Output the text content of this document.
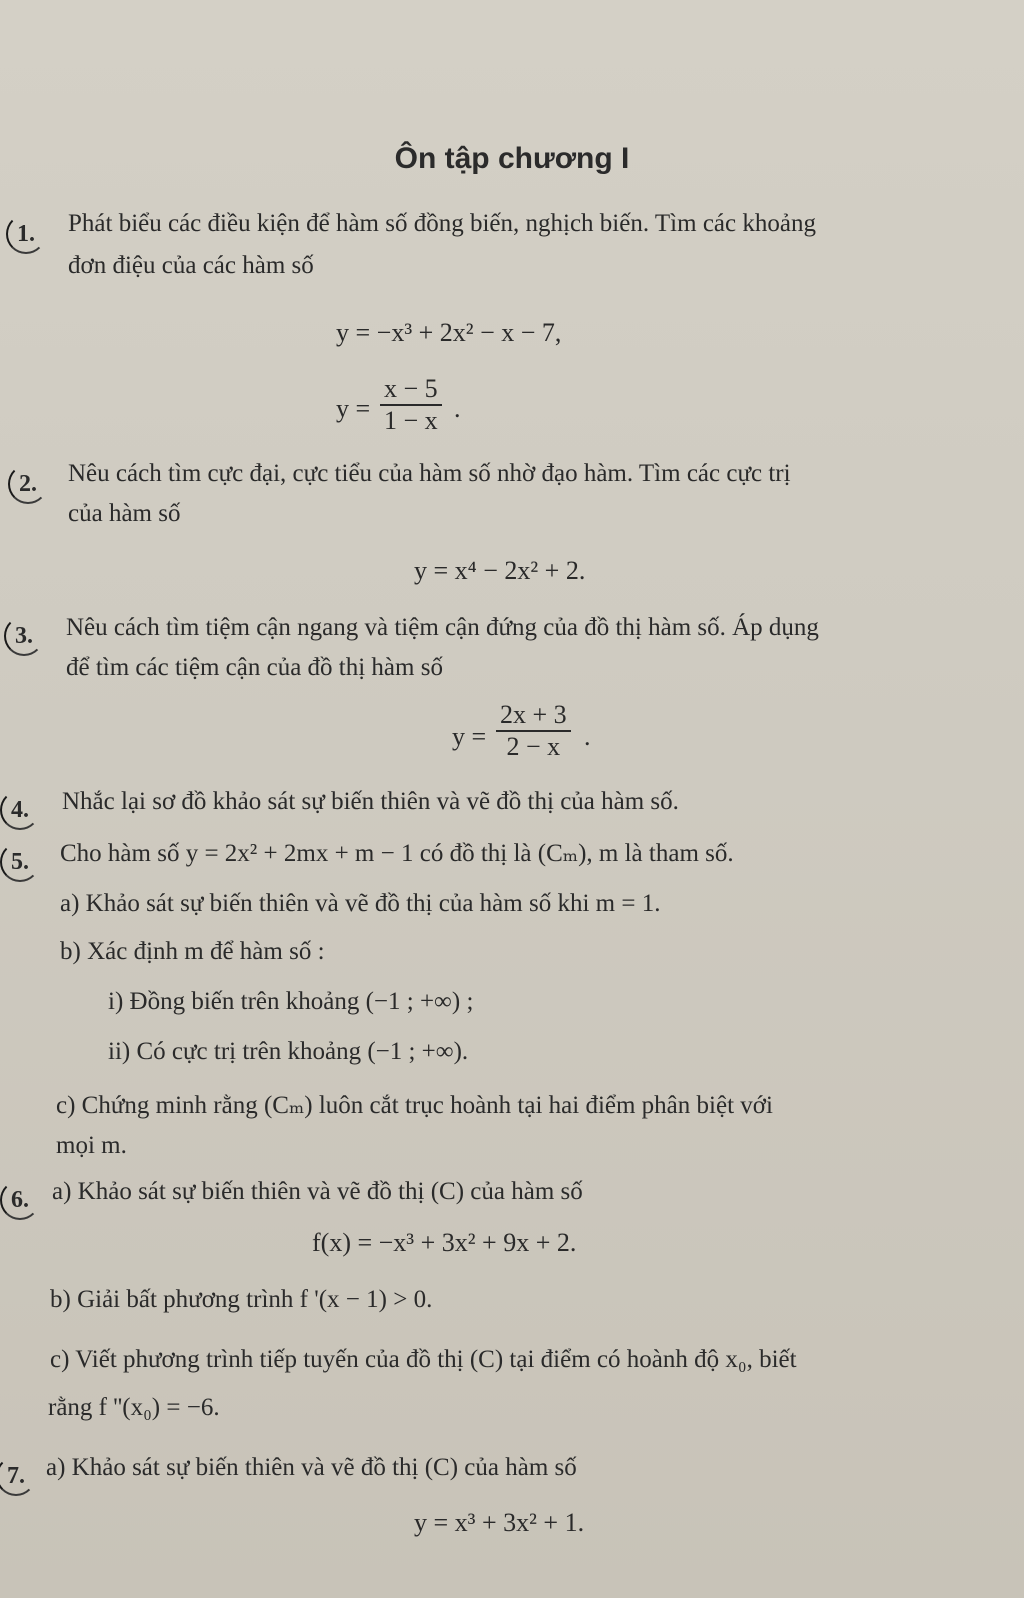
Ôn tập chương I
1.	Phát biểu các điều kiện để hàm số đồng biến, nghịch biến. Tìm các khoảng
đơn điệu của các hàm số
y = −x³ + 2x² − x − 7,
$y = \frac{x - 5}{1 - x}$ .
2.	Nêu cách tìm cực đại, cực tiểu của hàm số nhờ đạo hàm. Tìm các cực trị
của hàm số
y = x⁴ − 2x² + 2.
3.	Nêu cách tìm tiệm cận ngang và tiệm cận đứng của đồ thị hàm số. Áp dụng
để tìm các tiệm cận của đồ thị hàm số
$y = \frac{2x + 3}{2 - x}$ .
4.	Nhắc lại sơ đồ khảo sát sự biến thiên và vẽ đồ thị của hàm số.
5.	Cho hàm số y = 2x² + 2mx + m − 1 có đồ thị là (Cₘ), m là tham số.
a) Khảo sát sự biến thiên và vẽ đồ thị của hàm số khi m = 1.
b) Xác định m để hàm số :
i) Đồng biến trên khoảng (−1 ; +∞) ;
ii) Có cực trị trên khoảng (−1 ; +∞).
c) Chứng minh rằng (Cₘ) luôn cắt trục hoành tại hai điểm phân biệt với
mọi m.
6. a) Khảo sát sự biến thiên và vẽ đồ thị (C) của hàm số
f(x) = −x³ + 3x² + 9x + 2.
b) Giải bất phương trình f '(x − 1) > 0.
c) Viết phương trình tiếp tuyến của đồ thị (C) tại điểm có hoành độ x₀, biết
rằng f ''(x₀) = −6.
7. a) Khảo sát sự biến thiên và vẽ đồ thị (C) của hàm số
y = x³ + 3x² + 1.
